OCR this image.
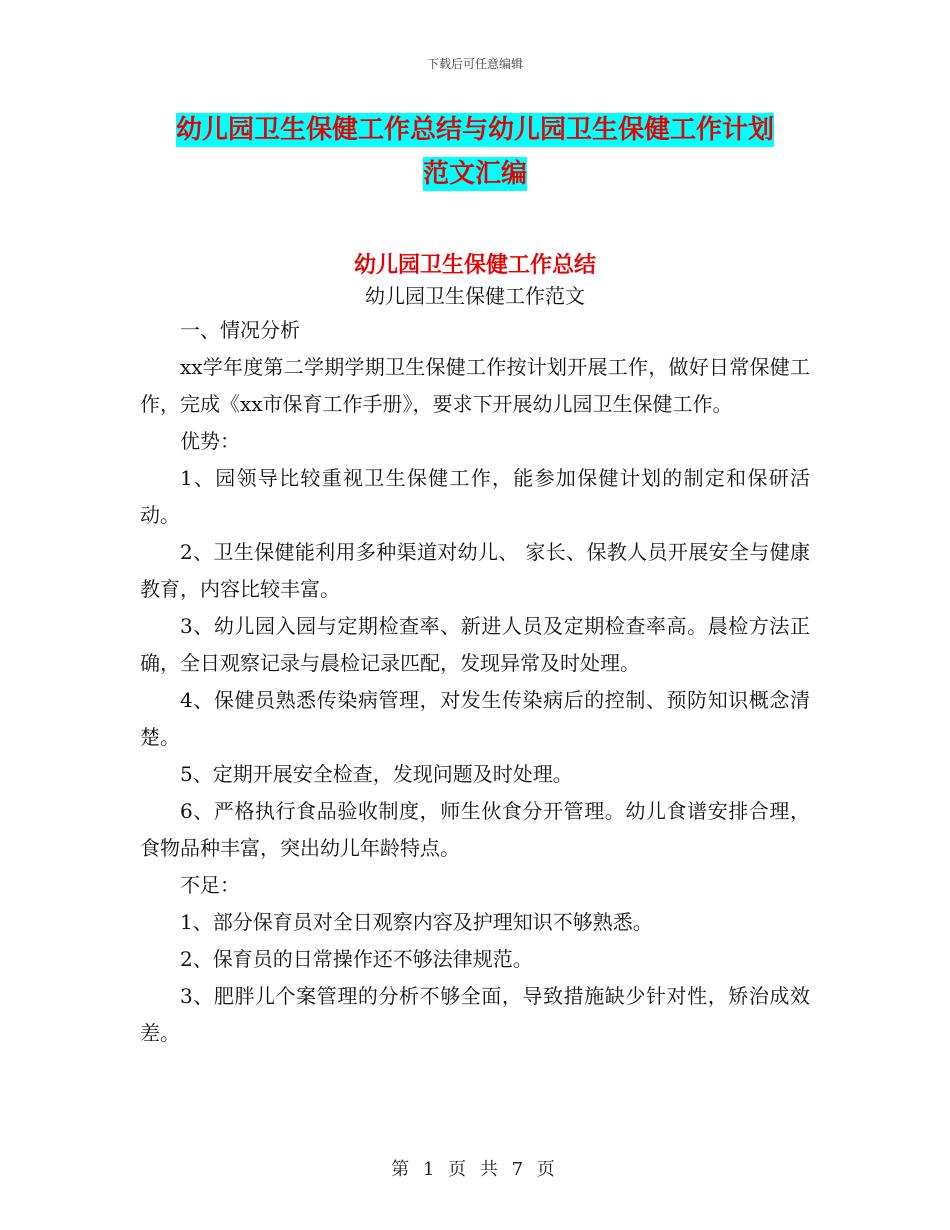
下载后可任意编辑
幼儿园卫生保健工作总结与幼儿园卫生保健工作计划
范文汇编
幼儿园卫生保健工作总结
幼儿园卫生保健工作范文

一、情况分析

xx学年度第二学期学期卫生保健工作按计划开展工作，做好日常保健工作，完成《xx市保育工作手册》，要求下开展幼儿园卫生保健工作。

优势：

1、园领导比较重视卫生保健工作，能参加保健计划的制定和保研活动。

2、卫生保健能利用多种渠道对幼儿、 家长、保教人员开展安全与健康教育，内容比较丰富。

3、幼儿园入园与定期检查率、新进人员及定期检查率高。晨检方法正确，全日观察记录与晨检记录匹配，发现异常及时处理。

4、保健员熟悉传染病管理，对发生传染病后的控制、预防知识概念清楚。

5、定期开展安全检查，发现问题及时处理。

6、严格执行食品验收制度，师生伙食分开管理。幼儿食谱安排合理，食物品种丰富，突出幼儿年龄特点。

不足：

1、部分保育员对全日观察内容及护理知识不够熟悉。

2、保育员的日常操作还不够法律规范。

3、肥胖儿个案管理的分析不够全面，导致措施缺少针对性，矫治成效差。

第 1 页 共 7 页
